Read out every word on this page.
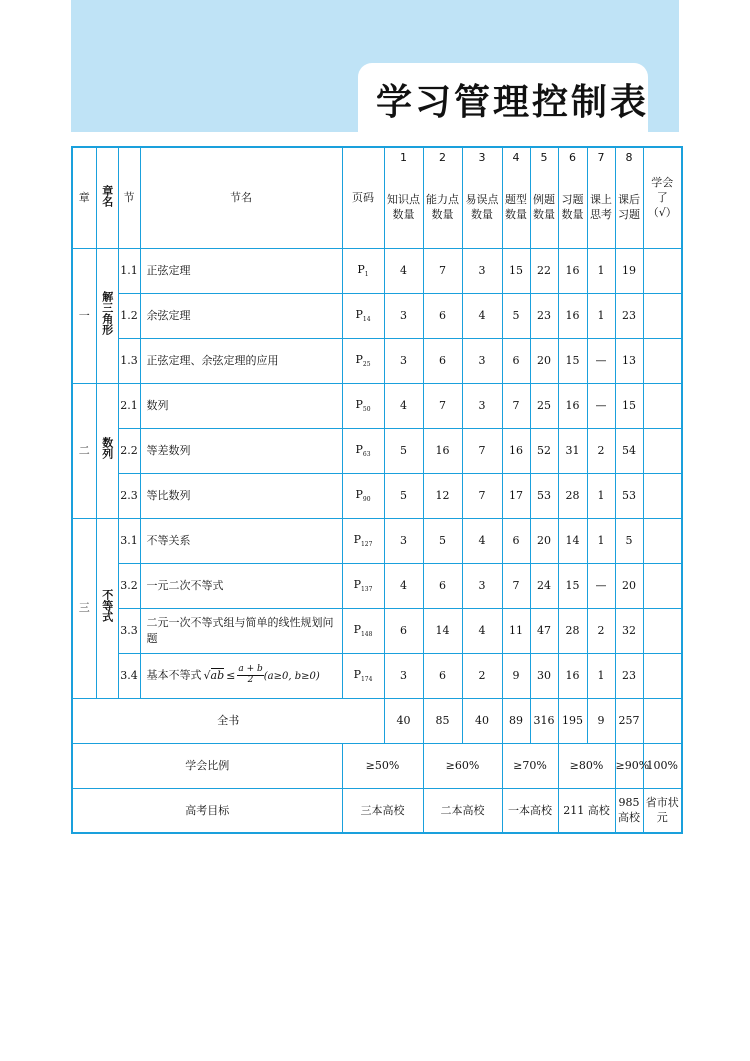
学习管理控制表
章	章名	节	节名	页码	1	2	3	4	5	6	7	8	学会了（√）
					知识点数量	能力点数量	易误点数量	题型数量	例题数量	习题数量	课上思考	课后习题	
一	解三角形	1.1	正弦定理	$P_1$	4	7	3	15	22	16	1	19	
		1.2	余弦定理	$P_{14}$	3	6	4	5	23	16	1	23	
		1.3	正弦定理、余弦定理的应用	$P_{25}$	3	6	3	6	20	15	—	13	
二	数列	2.1	数列	$P_{50}$	4	7	3	7	25	16	—	15	
		2.2	等差数列	$P_{63}$	5	16	7	16	52	31	2	54	
		2.3	等比数列	$P_{90}$	5	12	7	17	53	28	1	53	
三	不等式	3.1	不等关系	$P_{127}$	3	5	4	6	20	14	1	5	
		3.2	一元二次不等式	$P_{137}$	4	6	3	7	24	15	—	20	
		3.3	二元一次不等式组与简单的线性规划问题	$P_{148}$	6	14	4	11	47	28	2	32	
		3.4	基本不等式 $√ab \le \frac{a + b}{2} (a\ge 0$, b≥0)	$P_{174}$	3	6	2	9	30	16	1	23	
全书					40	85	40	89	316	195	9	257	
学会比例				≥50%		≥60%		≥70%		≥80%		≥90%	100%
高考目标				三本高校		二本高校		一本高校		211 高校		985 高校	省市状元
